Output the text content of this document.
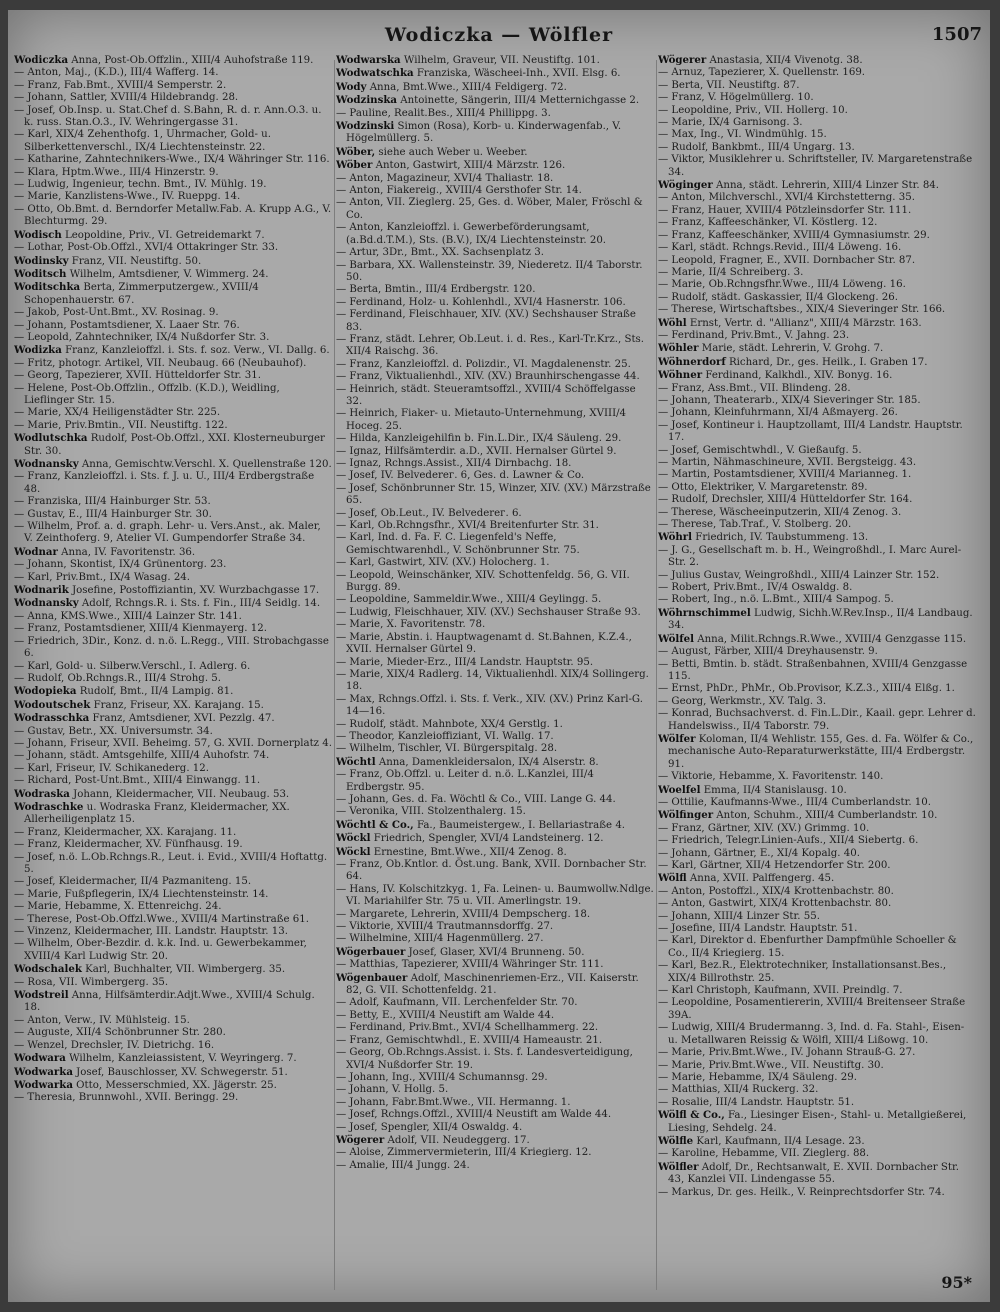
Wodiczka — Wölfler	1507
Wodiczka Anna, Post-Ob.Offzlin., XIII/4 Auhofstraße 119.
— Anton, Maj., (K.D.), III/4 Wafferg. 14.
— Franz, Fab.Bmt., XVIII/4 Semperstr. 2.
— Johann, Sattler, XVIII/4 Hildebrandg. 28.
— Josef, Ob.Insp. u. Stat.Chef d. S.Bahn, R. d. r. Ann.O.3. u. k. russ. Stan.O.3., IV. Wehringergasse 31.
— Karl, XIX/4 Zehenthofg. 1, Uhrmacher, Gold- u. Silberkettenverschl., IX/4 Liechtensteinstr. 22.
— Katharine, Zahntechnikers-Wwe., IX/4 Währinger Str. 116.
— Klara, Hptm.Wwe., III/4 Hinzerstr. 9.
— Ludwig, Ingenieur, techn. Bmt., IV. Mühlg. 19.
— Marie, Kanzlistens-Wwe., IV. Rueppg. 14.
— Otto, Ob.Bmt. d. Berndorfer Metallw.Fab. A. Krupp A.G., V. Blechturmg. 29.
Wodisch Leopoldine, Priv., VI. Getreidemarkt 7.
— Lothar, Post-Ob.Offzl., XVI/4 Ottakringer Str. 33.
Wodinsky Franz, VII. Neustiftg. 50.
Woditsch Wilhelm, Amtsdiener, V. Wimmerg. 24.
Woditschka Berta, Zimmerputzergew., XVIII/4 Schopenhauerstr. 67.
— Jakob, Post-Unt.Bmt., XV. Rosinag. 9.
— Johann, Postamtsdiener, X. Laaer Str. 76.
— Leopold, Zahntechniker, IX/4 Nußdorfer Str. 3.
Wodizka Franz, Kanzleioffzl. i. Sts. f. soz. Verw., VI. Dallg. 6.
— Fritz, photogr. Artikel, VII. Neubaug. 66 (Neubauhof).
— Georg, Tapezierer, XVII. Hütteldorfer Str. 31.
— Helene, Post-Ob.Offzlin., Offzlb. (K.D.), Weidling, Lieflinger Str. 15.
— Marie, XX/4 Heiligenstädter Str. 225.
— Marie, Priv.Bmtin., VII. Neustiftg. 122.
Wodlutschka Rudolf, Post-Ob.Offzl., XXI. Klosterneuburger Str. 30.
Wodnansky Anna, Gemischtw.Verschl. X. Quellenstraße 120.
— Franz, Kanzleioffzl. i. Sts. f. J. u. U., III/4 Erdbergstraße 48.
— Franziska, III/4 Hainburger Str. 53.
— Gustav, E., III/4 Hainburger Str. 30.
— Wilhelm, Prof. a. d. graph. Lehr- u. Vers.Anst., ak. Maler, V. Zeinthoferg. 9, Atelier VI. Gumpendorfer Straße 34.
Wodnar Anna, IV. Favoritenstr. 36.
— Johann, Skontist, IX/4 Grünentorg. 23.
— Karl, Priv.Bmt., IX/4 Wasag. 24.
Wodnarik Josefine, Postoffiziantin, XV. Wurzbachgasse 17.
Wodnansky Adolf, Rchngs.R. i. Sts. f. Fin., III/4 Seidlg. 14.
— Anna, KMS.Wwe., XIII/4 Lainzer Str. 141.
— Franz, Postamtsdiener, XIII/4 Kienmayerg. 12.
— Friedrich, 3Dir., Konz. d. n.ö. L.Regg., VIII. Strobachgasse 6.
— Karl, Gold- u. Silberw.Verschl., I. Adlerg. 6.
— Rudolf, Ob.Rchngs.R., III/4 Strohg. 5.
Wodopieka Rudolf, Bmt., II/4 Lampig. 81.
Wodoutschek Franz, Friseur, XX. Karajang. 15.
Wodrasschka Franz, Amtsdiener, XVI. Pezzlg. 47.
— Gustav, Betr., XX. Universumstr. 34.
— Johann, Friseur, XVII. Beheimg. 57, G. XVII. Dornerplatz 4.
— Johann, städt. Amtsgehilfe, XIII/4 Auhofstr. 74.
— Karl, Friseur, IV. Schikanederg. 12.
— Richard, Post-Unt.Bmt., XIII/4 Einwangg. 11.
Wodraska Johann, Kleidermacher, VII. Neubaug. 53.
Wodraschke u. Wodraska Franz, Kleidermacher, XX. Allerheiligenplatz 15.
— Franz, Kleidermacher, XX. Karajang. 11.
— Franz, Kleidermacher, XV. Fünfhausg. 19.
— Josef, n.ö. L.Ob.Rchngs.R., Leut. i. Evid., XVIII/4 Hoftattg. 5.
— Josef, Kleidermacher, II/4 Pazmaniteng. 15.
— Marie, Fußpflegerin, IX/4 Liechtensteinstr. 14.
— Marie, Hebamme, X. Ettenreichg. 24.
— Therese, Post-Ob.Offzl.Wwe., XVIII/4 Martinstraße 61.
— Vinzenz, Kleidermacher, III. Landstr. Hauptstr. 13.
— Wilhelm, Ober-Bezdir. d. k.k. Ind. u. Gewerbekammer, XVIII/4 Karl Ludwig Str. 20.
Wodschalek Karl, Buchhalter, VII. Wimbergerg. 35.
— Rosa, VII. Wimbergerg. 35.
Wodstreil Anna, Hilfsämterdir.Adjt.Wwe., XVIII/4 Schulg. 18.
— Anton, Verw., IV. Mühlsteig. 15.
— Auguste, XII/4 Schönbrunner Str. 280.
— Wenzel, Drechsler, IV. Dietrichg. 16.
Wodwara Wilhelm, Kanzleiassistent, V. Weyringerg. 7.
Wodwarka Josef, Bauschlosser, XV. Schwegerstr. 51.
Wodwarka Otto, Messerschmied, XX. Jägerstr. 25.
— Theresia, Brunnwohl., XVII. Beringg. 29.
Wodwarska Wilhelm, Graveur, VII. Neustiftg. 101.
Wodwatschka Franziska, Wäscheei-Inh., XVII. Elsg. 6.
Wody Anna, Bmt.Wwe., XIII/4 Feldigerg. 72.
Wodzinska Antoinette, Sängerin, III/4 Metternichgasse 2.
— Pauline, Realit.Bes., XIII/4 Phillippg. 3.
Wodzinski Simon (Rosa), Korb- u. Kinderwagenfab., V. Högelmüllerg. 5.
Wöber, siehe auch Weber u. Weeber.
Wöber Anton, Gastwirt, XIII/4 Märzstr. 126.
— Anton, Magazineur, XVI/4 Thaliastr. 18.
— Anton, Fiakereig., XVIII/4 Gersthofer Str. 14.
— Anton, VII. Zieglerg. 25, Ges. d. Wöber, Maler, Fröschl & Co.
— Anton, Kanzleioffzl. i. Gewerbeförderungsamt, (a.Bd.d.T.M.), Sts. (B.V.), IX/4 Liechtensteinstr. 20.
— Artur, 3Dr., Bmt., XX. Sachsenplatz 3.
— Barbara, XX. Wallensteinstr. 39, Niederetz. II/4 Taborstr. 50.
— Berta, Bmtin., III/4 Erdbergstr. 120.
— Ferdinand, Holz- u. Kohlenhdl., XVI/4 Hasnerstr. 106.
— Ferdinand, Fleischhauer, XIV. (XV.) Sechshauser Straße 83.
— Franz, städt. Lehrer, Ob.Leut. i. d. Res., Karl-Tr.Krz., Sts. XII/4 Raischg. 36.
— Franz, Kanzleioffzl. d. Polizdir., VI. Magdalenenstr. 25.
— Franz, Viktualienhdl., XIV. (XV.) Braunhirschengasse 44.
— Heinrich, städt. Steueramtsoffzl., XVIII/4 Schöffelgasse 32.
— Heinrich, Fiaker- u. Mietauto-Unternehmung, XVIII/4 Hoceg. 25.
— Hilda, Kanzleigehilfin b. Fin.L.Dir., IX/4 Säuleng. 29.
— Ignaz, Hilfsämterdir. a.D., XVII. Hernalser Gürtel 9.
— Ignaz, Rchngs.Assist., XII/4 Dirnbachg. 18.
— Josef, IV. Belvederег. 6, Ges. d. Lawner & Co.
— Josef, Schönbrunner Str. 15, Winzer, XIV. (XV.) Märzstraße 65.
— Josef, Ob.Leut., IV. Belvederег. 6.
— Karl, Ob.Rchngsfhr., XVI/4 Breitenfurter Str. 31.
— Karl, Ind. d. Fa. F. C. Liegenfeld's Neffe, Gemischtwarenhdl., V. Schönbrunner Str. 75.
— Karl, Gastwirt, XIV. (XV.) Holocherg. 1.
— Leopold, Weinschänker, XIV. Schottenfeldg. 56, G. VII. Burgg. 89.
— Leopoldine, Sammeldir.Wwe., XIII/4 Geylingg. 5.
— Ludwig, Fleischhauer, XIV. (XV.) Sechshauser Straße 93.
— Marie, X. Favoritenstr. 78.
— Marie, Abstin. i. Hauptwagenamt d. St.Bahnen, K.Z.4., XVII. Hernalser Gürtel 9.
— Marie, Mieder-Erz., III/4 Landstr. Hauptstr. 95.
— Marie, XIX/4 Radlerg. 14, Viktualienhdl. XIX/4 Sollingerg. 18.
— Max, Rchngs.Offzl. i. Sts. f. Verk., XIV. (XV.) Prinz Karl-G. 14—16.
— Rudolf, städt. Mahnbote, XX/4 Gerstlg. 1.
— Theodor, Kanzleioffiziant, VI. Wallg. 17.
— Wilhelm, Tischler, VI. Bürgerspitalg. 28.
Wöchtl Anna, Damenkleidersalon, IX/4 Alserstr. 8.
— Franz, Ob.Offzl. u. Leiter d. n.ö. L.Kanzlei, III/4 Erdbergstr. 95.
— Johann, Ges. d. Fa. Wöchtl & Co., VIII. Lange G. 44.
— Veronika, VIII. Stolzenthalerg. 15.
Wöchtl & Co., Fa., Baumeistergew., I. Bellariastraße 4.
Wöckl Friedrich, Spengler, XVI/4 Landsteinerg. 12.
Wöckl Ernestine, Bmt.Wwe., XII/4 Zenog. 8.
— Franz, Ob.Kntlor. d. Öst.ung. Bank, XVII. Dornbacher Str. 64.
— Hans, IV. Kolschitzkyg. 1, Fa. Leinen- u. Baumwollw.Ndlge. VI. Mariahilfer Str. 75 u. VII. Amerlingstr. 19.
— Margarete, Lehrerin, XVIII/4 Dempscherg. 18.
— Viktorie, XVIII/4 Trautmannsdorffg. 27.
— Wilhelmine, XIII/4 Hagenmüllerg. 27.
Wögerbauer Josef, Glaser, XVI/4 Brunneng. 50.
— Matthias, Tapezierer, XVIII/4 Währinger Str. 111.
Wögenbauer Adolf, Maschinenriemen-Erz., VII. Kaiserstr. 82, G. VII. Schottenfeldg. 21.
— Adolf, Kaufmann, VII. Lerchenfelder Str. 70.
— Betty, E., XVIII/4 Neustift am Walde 44.
— Ferdinand, Priv.Bmt., XVI/4 Schellhammerg. 22.
— Franz, Gemischtwhdl., E. XVIII/4 Hameaustr. 21.
— Georg, Ob.Rchngs.Assist. i. Sts. f. Landesverteidigung, XVI/4 Nußdorfer Str. 19.
— Johann, Ing., XVIII/4 Schumannsg. 29.
— Johann, V. Hollg. 5.
— Johann, Fabr.Bmt.Wwe., VII. Hermanng. 1.
— Josef, Rchngs.Offzl., XVIII/4 Neustift am Walde 44.
— Josef, Spengler, XII/4 Oswaldg. 4.
Wögerer Adolf, VII. Neudeggerg. 17.
— Aloise, Zimmervermieterin, III/4 Kriegierg. 12.
— Amalie, III/4 Jungg. 24.
Wögerer Anastasia, XII/4 Vivenotg. 38.
— Arnuz, Tapezierer, X. Quellenstr. 169.
— Berta, VII. Neustiftg. 87.
— Franz, V. Högelmüllerg. 10.
— Leopoldine, Priv., VII. Hollerg. 10.
— Marie, IX/4 Garnisong. 3.
— Max, Ing., VI. Windmühlg. 15.
— Rudolf, Bankbmt., III/4 Ungarg. 13.
— Viktor, Musiklehrer u. Schriftsteller, IV. Margaretenstraße 34.
Wöginger Anna, städt. Lehrerin, XIII/4 Linzer Str. 84.
— Anton, Milchverschl., XVI/4 Kirchstetterng. 35.
— Franz, Hauer, XVIII/4 Pötzleinsdorfer Str. 111.
— Franz, Kaffeeschänker, VI. Köstlerg. 12.
— Franz, Kaffeeschänker, XVIII/4 Gymnasiumstr. 29.
— Karl, städt. Rchngs.Revid., III/4 Löweng. 16.
— Leopold, Fragner, E., XVII. Dornbacher Str. 87.
— Marie, II/4 Schreiberg. 3.
— Marie, Ob.Rchngsfhr.Wwe., III/4 Löweng. 16.
— Rudolf, städt. Gaskassier, II/4 Glockeng. 26.
— Therese, Wirtschaftsbes., XIX/4 Sieveringer Str. 166.
Wöhl Ernst, Vertr. d. "Allianz", XIII/4 Märzstr. 163.
— Ferdinand, Priv.Bmt., V. Jahng. 23.
Wöhler Marie, städt. Lehrerin, V. Grohg. 7.
Wöhnerdorf Richard, Dr., ges. Heilk., I. Graben 17.
Wöhner Ferdinand, Kalkhdl., XIV. Bonyg. 16.
— Franz, Ass.Bmt., VII. Blindeng. 28.
— Johann, Theaterarb., XIX/4 Sieveringer Str. 185.
— Johann, Kleinfuhrmann, XI/4 Aßmayerg. 26.
— Josef, Kontineur i. Hauptzollamt, III/4 Landstr. Hauptstr. 17.
— Josef, Gemischtwhdl., V. Gießaufg. 5.
— Martin, Nähmaschineure, XVII. Bergsteigg. 43.
— Martin, Postamtsdiener, XVIII/4 Marianneg. 1.
— Otto, Elektriker, V. Margaretenstr. 89.
— Rudolf, Drechsler, XIII/4 Hütteldorfer Str. 164.
— Therese, Wäscheeinputzerin, XII/4 Zenog. 3.
— Therese, Tab.Traf., V. Stolberg. 20.
Wöhrl Friedrich, IV. Taubstummeng. 13.
— J. G., Gesellschaft m. b. H., Weingroßhdl., I. Marc Aurel-Str. 2.
— Julius Gustav, Weingroßhdl., XIII/4 Lainzer Str. 152.
— Robert, Priv.Bmt., IV/4 Oswaldg. 8.
— Robert, Ing., n.ö. L.Bmt., XIII/4 Sampog. 5.
Wöhrnschimmel Ludwig, Sichh.W.Rev.Insp., II/4 Landbaug. 34.
Wölfel Anna, Milit.Rchngs.R.Wwe., XVIII/4 Genzgasse 115.
— August, Färber, XIII/4 Dreyhausenstr. 9.
— Betti, Bmtin. b. städt. Straßenbahnen, XVIII/4 Genzgasse 115.
— Ernst, PhDr., PhMr., Ob.Provisor, K.Z.3., XIII/4 Elßg. 1.
— Georg, Werkmstr., XV. Talg. 3.
— Konrad, Buchsachverst. d. Fin.L.Dir., Kaail. gepr. Lehrer d. Handelswiss., II/4 Taborstr. 79.
Wölfer Koloman, II/4 Wehlistr. 155, Ges. d. Fa. Wölfer & Co., mechanische Auto-Reparaturwerkstätte, III/4 Erdbergstr. 91.
— Viktorie, Hebamme, X. Favoritenstr. 140.
Woelfel Emma, II/4 Stanislausg. 10.
— Ottilie, Kaufmanns-Wwe., III/4 Cumberlandstr. 10.
Wölfinger Anton, Schuhm., XIII/4 Cumberlandstr. 10.
— Franz, Gärtner, XIV. (XV.) Grimmg. 10.
— Friedrich, Telegr.Linien-Aufs., XII/4 Siebertg. 6.
— Johann, Gärtner, E., XI/4 Kopalg. 40.
— Karl, Gärtner, XII/4 Hetzendorfer Str. 200.
Wölfl Anna, XVII. Palffengerg. 45.
— Anton, Postoffzl., XIX/4 Krottenbachstr. 80.
— Anton, Gastwirt, XIX/4 Krottenbachstr. 80.
— Johann, XIII/4 Linzer Str. 55.
— Josefine, III/4 Landstr. Hauptstr. 51.
— Karl, Direktor d. Ebenfurther Dampfmühle Schoeller & Co., II/4 Kriegierg. 15.
— Karl, Bez.R., Elektrotechniker, Installationsanst.Bes., XIX/4 Billrothstr. 25.
— Karl Christoph, Kaufmann, XVII. Preindlg. 7.
— Leopoldine, Posamentiererin, XVIII/4 Breitenseer Straße 39A.
— Ludwig, XIII/4 Brudermanng. 3, Ind. d. Fa. Stahl-, Eisen- u. Metallwaren Reissig & Wölfl, XIII/4 Lißowg. 10.
— Marie, Priv.Bmt.Wwe., IV. Johann Strauß-G. 27.
— Marie, Priv.Bmt.Wwe., VII. Neustiftg. 30.
— Marie, Hebamme, IX/4 Säuleng. 29.
— Matthias, XII/4 Ruckerg. 32.
— Rosalie, III/4 Landstr. Hauptstr. 51.
Wölfl & Co., Fa., Liesinger Eisen-, Stahl- u. Metallgießerei, Liesing, Sehdelg. 24.
Wölfle Karl, Kaufmann, II/4 Lesage. 23.
— Karoline, Hebamme, VII. Zieglerg. 88.
Wölfler Adolf, Dr., Rechtsanwalt, E. XVII. Dornbacher Str. 43, Kanzlei VII. Lindengasse 55.
— Markus, Dr. ges. Heilk., V. Reinprechtsdorfer Str. 74.
95*
